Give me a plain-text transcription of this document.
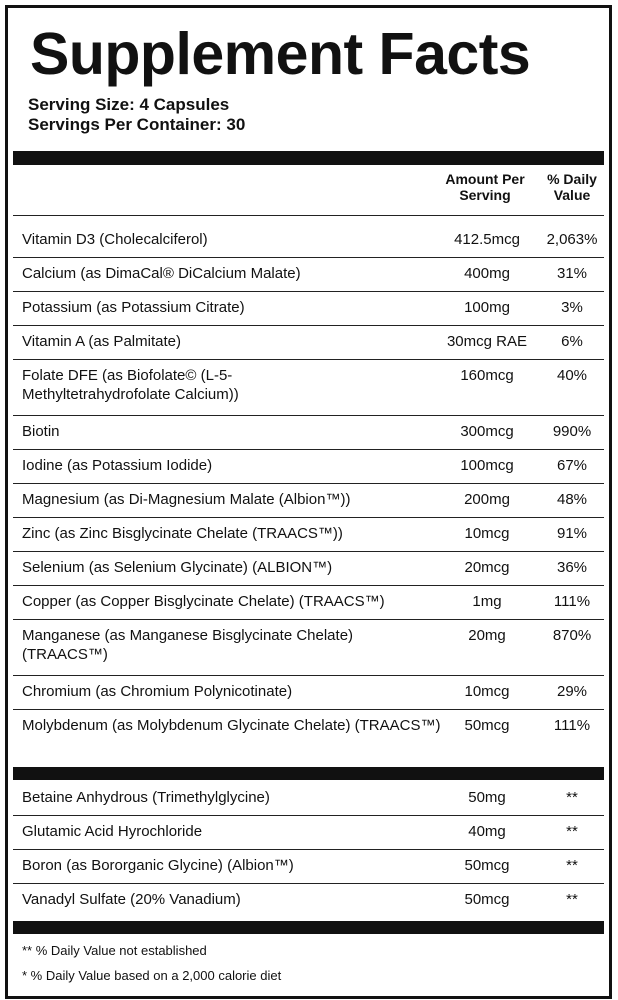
Supplement Facts
Serving Size: 4 Capsules
Servings Per Container: 30
Amount Per
Serving
% Daily
Value
Vitamin D3 (Cholecalciferol)	412.5mcg	2,063%
Calcium (as DimaCal® DiCalcium Malate)	400mg	31%
Potassium (as Potassium Citrate)	100mg	3%
Vitamin A (as Palmitate)	30mcg RAE	6%
Folate DFE (as Biofolate© (L-5-Methyltetrahydrofolate Calcium))
160mcg	40%
Biotin	300mcg	990%
Iodine (as Potassium Iodide)	100mcg	67%
Magnesium (as Di-Magnesium Malate (Albion™))	200mg	48%
Zinc (as Zinc Bisglycinate Chelate (TRAACS™))	10mcg	91%
Selenium (as Selenium Glycinate) (ALBION™)	20mcg	36%
Copper (as Copper Bisglycinate Chelate) (TRAACS™)	1mg	111%
Manganese (as Manganese Bisglycinate Chelate) (TRAACS™)
20mg	870%
Chromium (as Chromium Polynicotinate)	10mcg	29%
Molybdenum (as Molybdenum Glycinate Chelate) (TRAACS™)	50mcg	111%
Betaine Anhydrous (Trimethylglycine)	50mg	**
Glutamic Acid Hyrochloride	40mg	**
Boron (as Bororganic Glycine) (Albion™)	50mcg	**
Vanadyl Sulfate (20% Vanadium)	50mcg	**
** % Daily Value not established
* % Daily Value based on a 2,000 calorie diet
